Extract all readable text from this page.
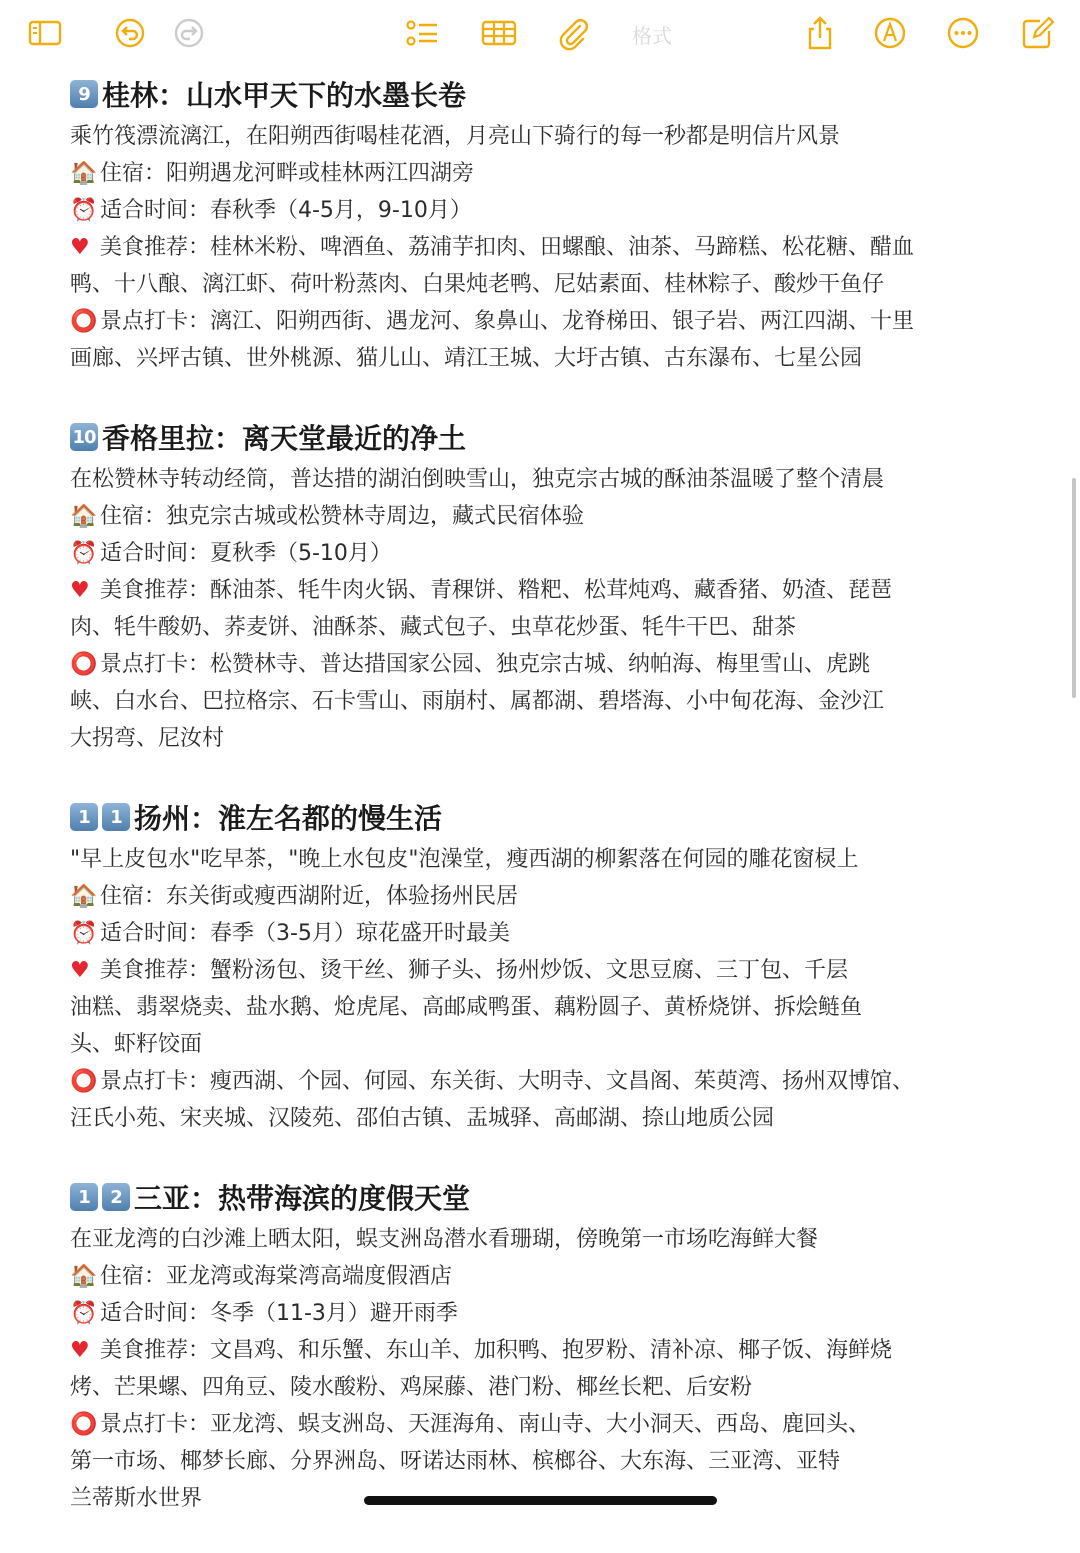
格式
9 桂林：山水甲天下的水墨长卷
乘竹筏漂流漓江，在阳朔西街喝桂花酒，月亮山下骑行的每一秒都是明信片风景
🏠 住宿：阳朔遇龙河畔或桂林两江四湖旁
⏰ 适合时间：春秋季（4-5月，9-10月）
♥ 美食推荐：桂林米粉、啤酒鱼、荔浦芋扣肉、田螺酿、油茶、马蹄糕、松花糖、醋血
鸭、十八酿、漓江虾、荷叶粉蒸肉、白果炖老鸭、尼姑素面、桂林粽子、酸炒干鱼仔
⭕ 景点打卡：漓江、阳朔西街、遇龙河、象鼻山、龙脊梯田、银子岩、两江四湖、十里
画廊、兴坪古镇、世外桃源、猫儿山、靖江王城、大圩古镇、古东瀑布、七星公园
10 香格里拉：离天堂最近的净土
在松赞林寺转动经筒，普达措的湖泊倒映雪山，独克宗古城的酥油茶温暖了整个清晨
🏠 住宿：独克宗古城或松赞林寺周边，藏式民宿体验
⏰ 适合时间：夏秋季（5-10月）
♥ 美食推荐：酥油茶、牦牛肉火锅、青稞饼、糌粑、松茸炖鸡、藏香猪、奶渣、琵琶
肉、牦牛酸奶、荞麦饼、油酥茶、藏式包子、虫草花炒蛋、牦牛干巴、甜茶
⭕ 景点打卡：松赞林寺、普达措国家公园、独克宗古城、纳帕海、梅里雪山、虎跳
峡、白水台、巴拉格宗、石卡雪山、雨崩村、属都湖、碧塔海、小中甸花海、金沙江
大拐弯、尼汝村
1	1 扬州：淮左名都的慢生活
"早上皮包水"吃早茶，"晚上水包皮"泡澡堂，瘦西湖的柳絮落在何园的雕花窗棂上
🏠 住宿：东关街或瘦西湖附近，体验扬州民居
⏰ 适合时间：春季（3-5月）琼花盛开时最美
♥ 美食推荐：蟹粉汤包、烫干丝、狮子头、扬州炒饭、文思豆腐、三丁包、千层
油糕、翡翠烧卖、盐水鹅、炝虎尾、高邮咸鸭蛋、藕粉圆子、黄桥烧饼、拆烩鲢鱼
头、虾籽饺面
⭕ 景点打卡：瘦西湖、个园、何园、东关街、大明寺、文昌阁、茱萸湾、扬州双博馆、
汪氏小苑、宋夹城、汉陵苑、邵伯古镇、盂城驿、高邮湖、捺山地质公园
1	2 三亚：热带海滨的度假天堂
在亚龙湾的白沙滩上晒太阳，蜈支洲岛潜水看珊瑚，傍晚第一市场吃海鲜大餐
🏠 住宿：亚龙湾或海棠湾高端度假酒店
⏰ 适合时间：冬季（11-3月）避开雨季
♥ 美食推荐：文昌鸡、和乐蟹、东山羊、加积鸭、抱罗粉、清补凉、椰子饭、海鲜烧
烤、芒果螺、四角豆、陵水酸粉、鸡屎藤、港门粉、椰丝长粑、后安粉
⭕ 景点打卡：亚龙湾、蜈支洲岛、天涯海角、南山寺、大小洞天、西岛、鹿回头、
第一市场、椰梦长廊、分界洲岛、呀诺达雨林、槟榔谷、大东海、三亚湾、亚特
兰蒂斯水世界
